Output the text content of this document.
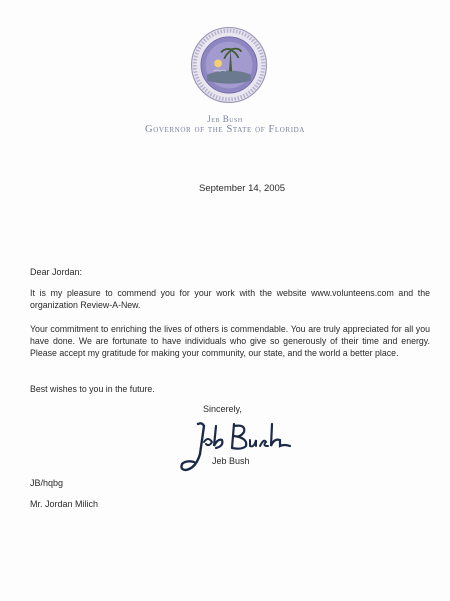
Jeb Bush
Governor of the State of Florida
September 14, 2005
Dear Jordan:
It is my pleasure to commend you for your work with the website www.volunteens.com and the organization Review-A-New.
Your commitment to enriching the lives of others is commendable. You are truly appreciated for all you have done. We are fortunate to have individuals who give so generously of their time and energy. Please accept my gratitude for making your community, our state, and the world a better place.
Best wishes to you in the future.
Sincerely,
Jeb Bush
JB/hqbg
Mr. Jordan Milich
